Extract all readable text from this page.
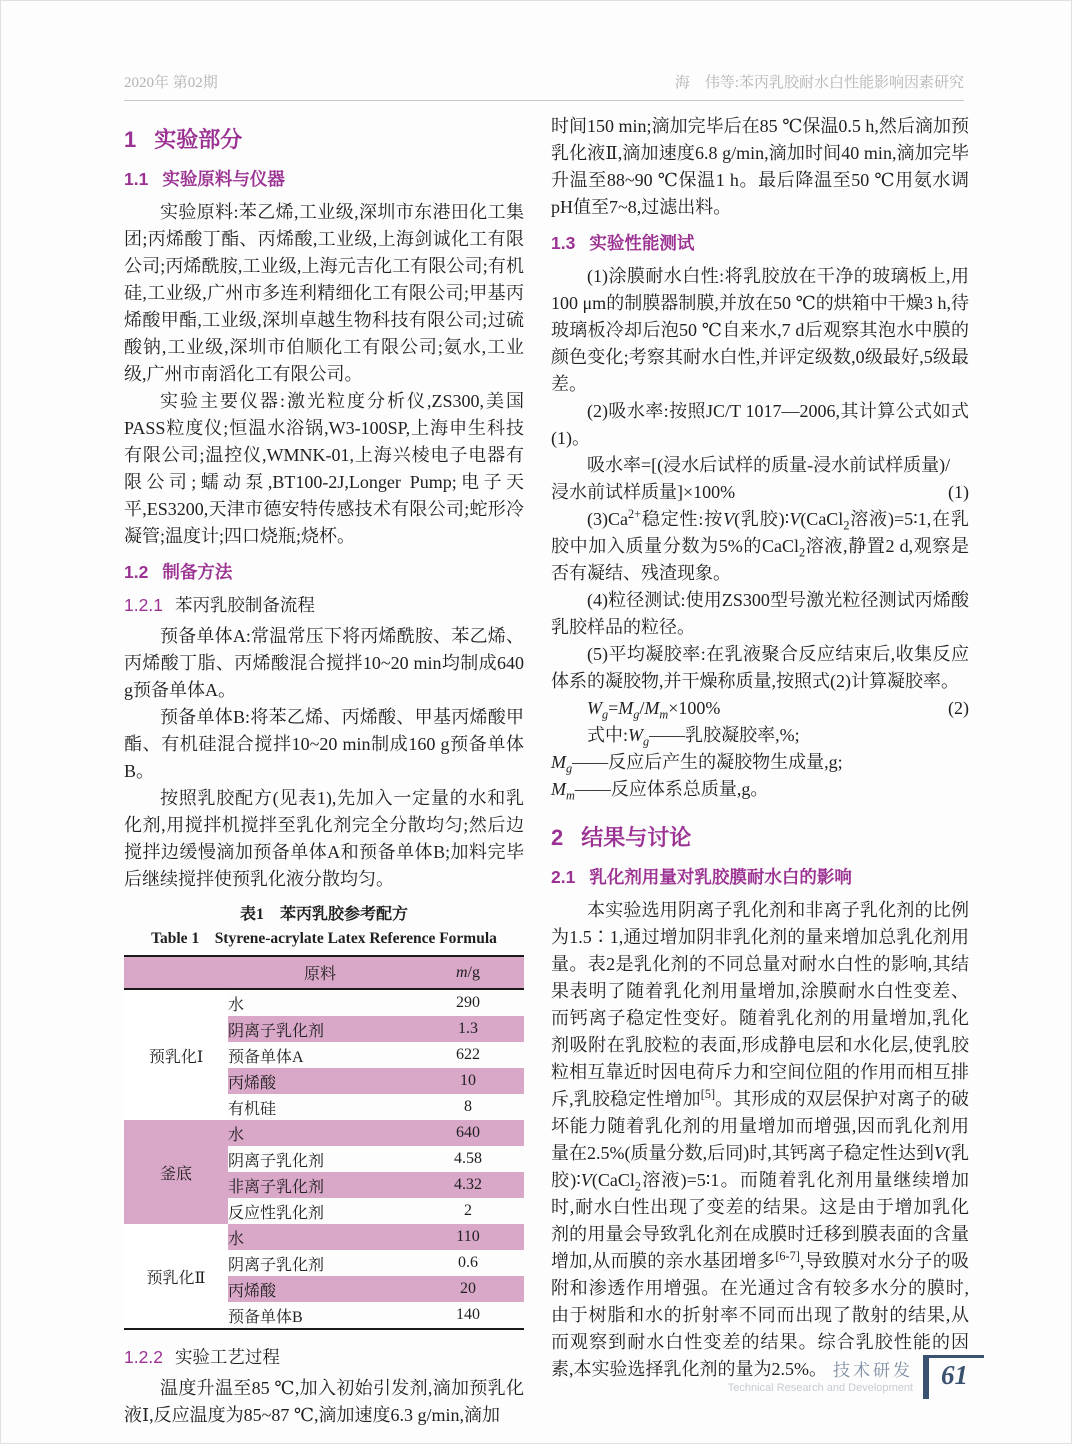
2020年 第02期	海　伟等:苯丙乳胶耐水白性能影响因素研究
1 实验部分
1.1 实验原料与仪器

实验原料:苯乙烯,工业级,深圳市东港田化工集团;丙烯酸丁酯、丙烯酸,工业级,上海剑诚化工有限公司;丙烯酰胺,工业级,上海元吉化工有限公司;有机硅,工业级,广州市多连利精细化工有限公司;甲基丙烯酸甲酯,工业级,深圳卓越生物科技有限公司;过硫酸钠,工业级,深圳市伯顺化工有限公司;氨水,工业级,广州市南滔化工有限公司。

实验主要仪器:激光粒度分析仪,ZS300,美国PASS粒度仪;恒温水浴锅,W3-100SP,上海申生科技有限公司;温控仪,WMNK-01,上海兴棱电子电器有限公司;蠕动泵,BT100-2J,Longer Pump;电子天平,ES3200,天津市德安特传感技术有限公司;蛇形冷凝管;温度计;四口烧瓶;烧杯。

1.2 制备方法
1.2.1 苯丙乳胶制备流程

预备单体A:常温常压下将丙烯酰胺、苯乙烯、丙烯酸丁脂、丙烯酸混合搅拌10~20 min均制成640 g预备单体A。

预备单体B:将苯乙烯、丙烯酸、甲基丙烯酸甲酯、有机硅混合搅拌10~20 min制成160 g预备单体B。

按照乳胶配方(见表1),先加入一定量的水和乳化剂,用搅拌机搅拌至乳化剂完全分散均匀;然后边搅拌边缓慢滴加预备单体A和预备单体B;加料完毕后继续搅拌使预乳化液分散均匀。

表1　苯丙乳胶参考配方
Table 1　Styrene-acrylate Latex Reference Formula
	原料	m/g
预乳化Ⅰ	水	290
	阴离子乳化剂	1.3
	预备单体A	622
	丙烯酸	10
	有机硅	8
釜底	水	640
	阴离子乳化剂	4.58
	非离子乳化剂	4.32
	反应性乳化剂	2
预乳化Ⅱ	水	110
	阴离子乳化剂	0.6
	丙烯酸	20
	预备单体B	140
1.2.2 实验工艺过程

温度升温至85 ℃,加入初始引发剂,滴加预乳化液Ⅰ,反应温度为85~87 ℃,滴加速度6.3 g/min,滴加

时间150 min;滴加完毕后在85 ℃保温0.5 h,然后滴加预乳化液Ⅱ,滴加速度6.8 g/min,滴加时间40 min,滴加完毕升温至88~90 ℃保温1 h。最后降温至50 ℃用氨水调pH值至7~8,过滤出料。

1.3 实验性能测试

(1)涂膜耐水白性:将乳胶放在干净的玻璃板上,用100 μm的制膜器制膜,并放在50 ℃的烘箱中干燥3 h,待玻璃板冷却后泡50 ℃自来水,7 d后观察其泡水中膜的颜色变化;考察其耐水白性,并评定级数,0级最好,5级最差。

(2)吸水率:按照JC/T 1017—2006,其计算公式如式(1)。

吸水率=[(浸水后试样的质量-浸水前试样质量)/
浸水前试样质量]×100%	(1)

$(3)Ca^{2+}$稳定性:按V(乳胶)∶V(CaCl$_2$溶液)=5∶1,在乳胶中加入质量分数为5%的CaCl$_2$溶液,静置2 d,观察是否有凝结、残渣现象。

(4)粒径测试:使用ZS300型号激光粒径测试丙烯酸乳胶样品的粒径。

(5)平均凝胶率:在乳液聚合反应结束后,收集反应体系的凝胶物,并干燥称质量,按照式(2)计算凝胶率。

$W_g=M_g/M_m\times 100\%$	(2)
式中$:W_g——$乳胶凝胶率,%;
$M_g——$反应后产生的凝胶物生成量,g;
$M_m——$反应体系总质量,g。
2 结果与讨论
2.1 乳化剂用量对乳胶膜耐水白的影响

本实验选用阴离子乳化剂和非离子乳化剂的比例为1.5∶1,通过增加阴非乳化剂的量来增加总乳化剂用量。表2是乳化剂的不同总量对耐水白性的影响,其结果表明了随着乳化剂用量增加,涂膜耐水白性变差、而钙离子稳定性变好。随着乳化剂的用量增加,乳化剂吸附在乳胶粒的表面,形成静电层和水化层,使乳胶粒相互靠近时因电荷斥力和空间位阻的作用而相互排斥,乳胶稳定性增加[5]。其形成的双层保护对离子的破坏能力随着乳化剂的用量增加而增强,因而乳化剂用量在2.5%(质量分数,后同)时,其钙离子稳定性达到V(乳胶)∶V(CaCl$_2$溶液)=5∶1。而随着乳化剂用量继续增加时,耐水白性出现了变差的结果。这是由于增加乳化剂的用量会导致乳化剂在成膜时迁移到膜表面的含量增加,从而膜的亲水基团增多[6-7],导致膜对水分子的吸附和渗透作用增强。在光通过含有较多水分的膜时,由于树脂和水的折射率不同而出现了散射的结果,从而观察到耐水白性变差的结果。综合乳胶性能的因素,本实验选择乳化剂的量为2.5%。 技术研发
Technical Research and Development	61
